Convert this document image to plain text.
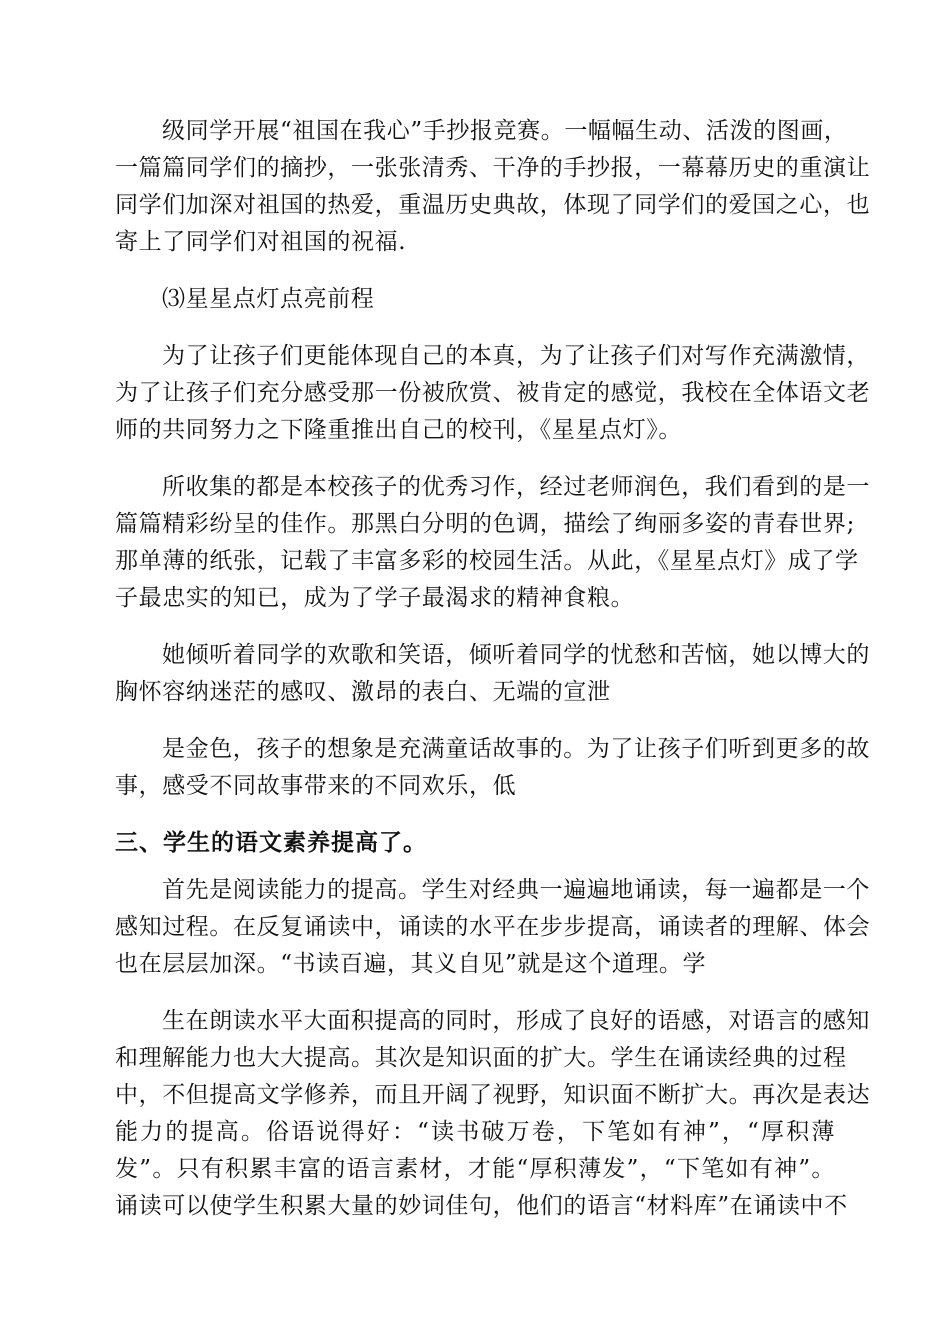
级同学开展“祖国在我心”手抄报竞赛。一幅幅生动、活泼的图画，
一篇篇同学们的摘抄，一张张清秀、干净的手抄报，一幕幕历史的重演让
同学们加深对祖国的热爱，重温历史典故，体现了同学们的爱国之心，也
寄上了同学们对祖国的祝福.
⑶星星点灯点亮前程
为了让孩子们更能体现自己的本真，为了让孩子们对写作充满激情，
为了让孩子们充分感受那一份被欣赏、被肯定的感觉，我校在全体语文老
师的共同努力之下隆重推出自己的校刊，《星星点灯》。
所收集的都是本校孩子的优秀习作，经过老师润色，我们看到的是一
篇篇精彩纷呈的佳作。那黑白分明的色调，描绘了绚丽多姿的青春世界;
那单薄的纸张，记载了丰富多彩的校园生活。从此，《星星点灯》成了学
子最忠实的知已，成为了学子最渴求的精神食粮。
她倾听着同学的欢歌和笑语，倾听着同学的忧愁和苦恼，她以博大的
胸怀容纳迷茫的感叹、激昂的表白、无端的宣泄
是金色，孩子的想象是充满童话故事的。为了让孩子们听到更多的故
事，感受不同故事带来的不同欢乐，低
三、学生的语文素养提高了。
首先是阅读能力的提高。学生对经典一遍遍地诵读，每一遍都是一个
感知过程。在反复诵读中，诵读的水平在步步提高，诵读者的理解、体会
也在层层加深。“书读百遍，其义自见”就是这个道理。学
生在朗读水平大面积提高的同时，形成了良好的语感，对语言的感知
和理解能力也大大提高。其次是知识面的扩大。学生在诵读经典的过程
中，不但提高文学修养，而且开阔了视野，知识面不断扩大。再次是表达
能力的提高。俗语说得好：“读书破万卷，下笔如有神”，“厚积薄
发”。只有积累丰富的语言素材，才能“厚积薄发”，“下笔如有神”。
诵读可以使学生积累大量的妙词佳句，他们的语言“材料库”在诵读中不
